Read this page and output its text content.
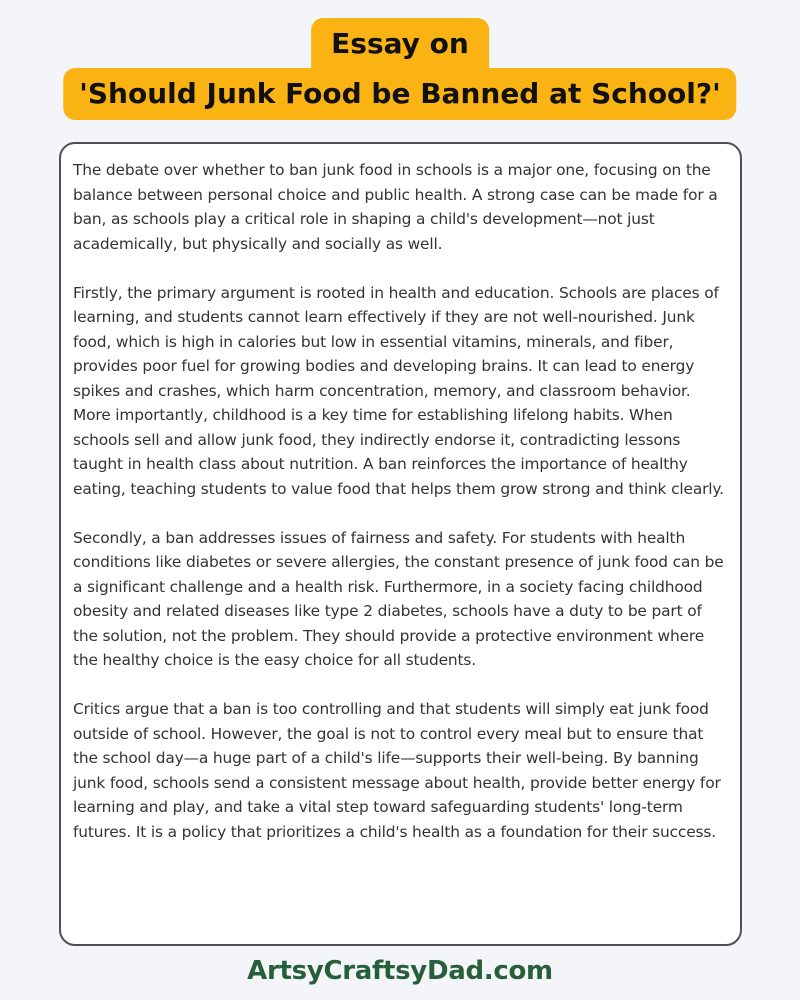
Essay on
'Should Junk Food be Banned at School?'

The debate over whether to ban junk food in schools is a major one, focusing on the balance between personal choice and public health. A strong case can be made for a ban, as schools play a critical role in shaping a child's development—not just academically, but physically and socially as well.

Firstly, the primary argument is rooted in health and education. Schools are places of learning, and students cannot learn effectively if they are not well-nourished. Junk food, which is high in calories but low in essential vitamins, minerals, and fiber, provides poor fuel for growing bodies and developing brains. It can lead to energy spikes and crashes, which harm concentration, memory, and classroom behavior. More importantly, childhood is a key time for establishing lifelong habits. When schools sell and allow junk food, they indirectly endorse it, contradicting lessons taught in health class about nutrition. A ban reinforces the importance of healthy eating, teaching students to value food that helps them grow strong and think clearly.

Secondly, a ban addresses issues of fairness and safety. For students with health conditions like diabetes or severe allergies, the constant presence of junk food can be a significant challenge and a health risk. Furthermore, in a society facing childhood obesity and related diseases like type 2 diabetes, schools have a duty to be part of the solution, not the problem. They should provide a protective environment where the healthy choice is the easy choice for all students.

Critics argue that a ban is too controlling and that students will simply eat junk food outside of school. However, the goal is not to control every meal but to ensure that the school day—a huge part of a child's life—supports their well-being. By banning junk food, schools send a consistent message about health, provide better energy for learning and play, and take a vital step toward safeguarding students' long-term futures. It is a policy that prioritizes a child's health as a foundation for their success.

ArtsyCraftsyDad.com
